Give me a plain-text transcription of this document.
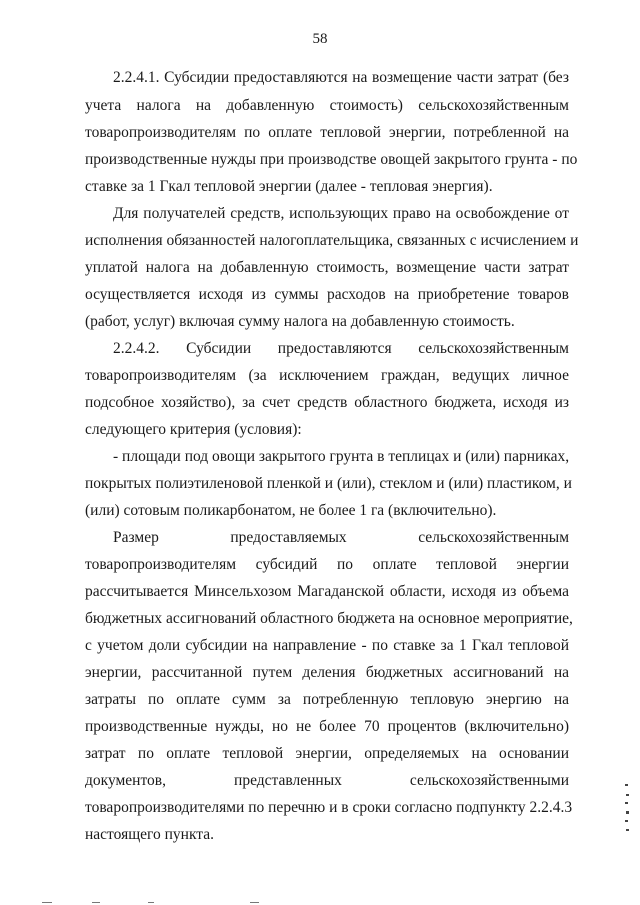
58
2.2.4.1. Субсидии предоставляются на возмещение части затрат (без
учета налога на добавленную стоимость) сельскохозяйственным
товаропроизводителям по оплате тепловой энергии, потребленной на
производственные нужды при производстве овощей закрытого грунта - по
ставке за 1 Гкал тепловой энергии (далее - тепловая энергия).
Для получателей средств, использующих право на освобождение от
исполнения обязанностей налогоплательщика, связанных с исчислением и
уплатой налога на добавленную стоимость, возмещение части затрат
осуществляется исходя из суммы расходов на приобретение товаров
(работ, услуг) включая сумму налога на добавленную стоимость.
2.2.4.2. Субсидии предоставляются сельскохозяйственным
товаропроизводителям (за исключением граждан, ведущих личное
подсобное хозяйство), за счет средств областного бюджета, исходя из
следующего критерия (условия):
- площади под овощи закрытого грунта в теплицах и (или) парниках,
покрытых полиэтиленовой пленкой и (или), стеклом и (или) пластиком, и
(или) сотовым поликарбонатом, не более 1 га (включительно).
Размер предоставляемых сельскохозяйственным
товаропроизводителям субсидий по оплате тепловой энергии
рассчитывается Минсельхозом Магаданской области, исходя из объема
бюджетных ассигнований областного бюджета на основное мероприятие,
с учетом доли субсидии на направление - по ставке за 1 Гкал тепловой
энергии, рассчитанной путем деления бюджетных ассигнований на
затраты по оплате сумм за потребленную тепловую энергию на
производственные нужды, но не более 70 процентов (включительно)
затрат по оплате тепловой энергии, определяемых на основании
документов, представленных сельскохозяйственными
товаропроизводителями по перечню и в сроки согласно подпункту 2.2.4.3
настоящего пункта.
